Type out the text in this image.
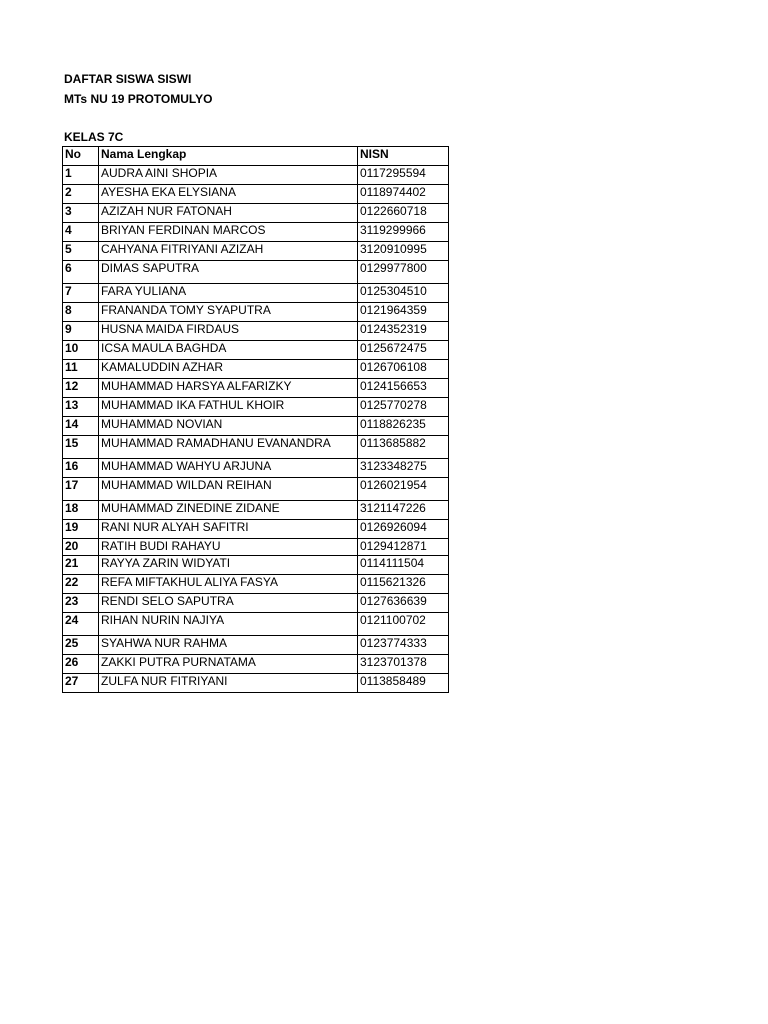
DAFTAR SISWA SISWI
MTs NU 19 PROTOMULYO
KELAS 7C
No	Nama Lengkap	NISN
1	AUDRA AINI SHOPIA	0117295594
2	AYESHA EKA ELYSIANA	0118974402
3	AZIZAH NUR FATONAH	0122660718
4	BRIYAN FERDINAN MARCOS	3119299966
5	CAHYANA FITRIYANI AZIZAH	3120910995
6	DIMAS SAPUTRA	0129977800
7	FARA YULIANA	0125304510
8	FRANANDA TOMY SYAPUTRA	0121964359
9	HUSNA MAIDA FIRDAUS	0124352319
10	ICSA MAULA BAGHDA	0125672475
11	KAMALUDDIN AZHAR	0126706108
12	MUHAMMAD HARSYA ALFARIZKY	0124156653
13	MUHAMMAD IKA FATHUL KHOIR	0125770278
14	MUHAMMAD NOVIAN	0118826235
15	MUHAMMAD RAMADHANU EVANANDRA	0113685882
16	MUHAMMAD WAHYU ARJUNA	3123348275
17	MUHAMMAD WILDAN REIHAN	0126021954
18	MUHAMMAD ZINEDINE ZIDANE	3121147226
19	RANI NUR ALYAH SAFITRI	0126926094
20	RATIH BUDI RAHAYU	0129412871
21	RAYYA ZARIN WIDYATI	0114111504
22	REFA MIFTAKHUL ALIYA FASYA	0115621326
23	RENDI SELO SAPUTRA	0127636639
24	RIHAN NURIN NAJIYA	0121100702
25	SYAHWA NUR RAHMA	0123774333
26	ZAKKI PUTRA PURNATAMA	3123701378
27	ZULFA NUR FITRIYANI	0113858489
